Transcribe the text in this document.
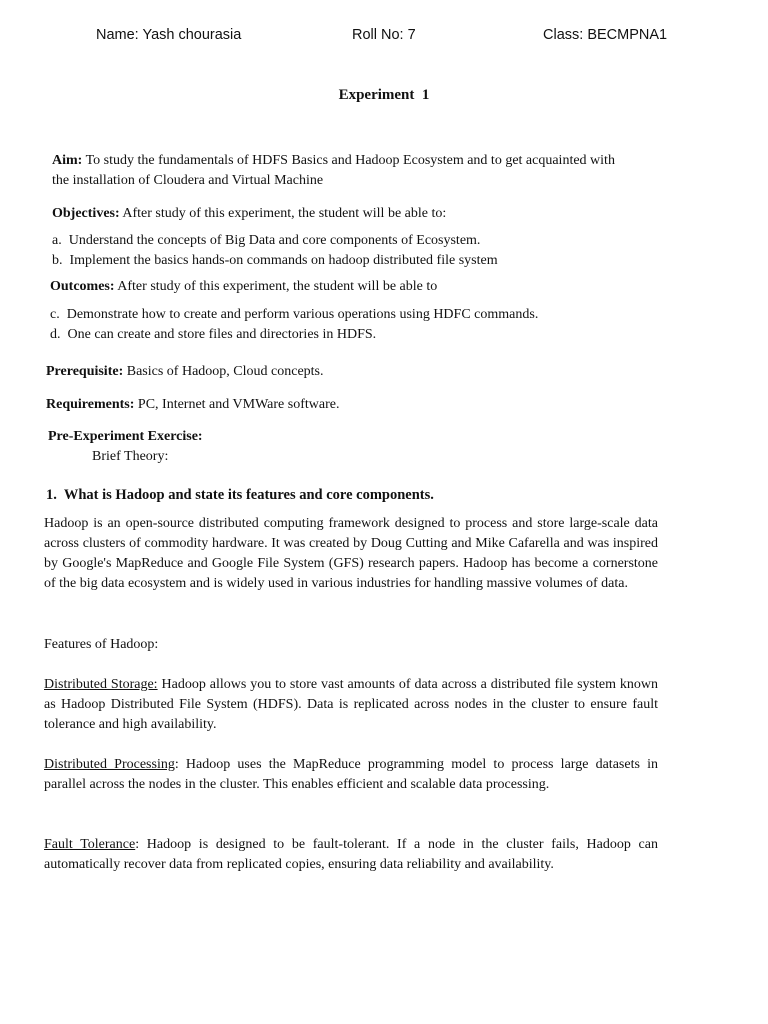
Name: Yash chourasia	Roll No: 7	Class: BECMPNA1
Experiment  1
Aim: To study the fundamentals of HDFS Basics and Hadoop Ecosystem and to get acquainted with
the installation of Cloudera and Virtual Machine
Objectives: After study of this experiment, the student will be able to:
a.  Understand the concepts of Big Data and core components of Ecosystem.
b.  Implement the basics hands-on commands on hadoop distributed file system
Outcomes: After study of this experiment, the student will be able to
c.  Demonstrate how to create and perform various operations using HDFC commands.
d.  One can create and store files and directories in HDFS.
Prerequisite: Basics of Hadoop, Cloud concepts.
Requirements: PC, Internet and VMWare software.
Pre-Experiment Exercise:
Brief Theory:
1.  What is Hadoop and state its features and core components.
Hadoop is an open-source distributed computing framework designed to process and store large-scale data across clusters of commodity hardware. It was created by Doug Cutting and Mike Cafarella and was inspired by Google's MapReduce and Google File System (GFS) research papers. Hadoop has become a cornerstone of the big data ecosystem and is widely used in various industries for handling massive volumes of data.
Features of Hadoop:
Distributed Storage: Hadoop allows you to store vast amounts of data across a distributed file system known as Hadoop Distributed File System (HDFS). Data is replicated across nodes in the cluster to ensure fault tolerance and high availability.
Distributed Processing: Hadoop uses the MapReduce programming model to process large datasets in parallel across the nodes in the cluster. This enables efficient and scalable data processing.
Fault Tolerance: Hadoop is designed to be fault-tolerant. If a node in the cluster fails, Hadoop can automatically recover data from replicated copies, ensuring data reliability and availability.
